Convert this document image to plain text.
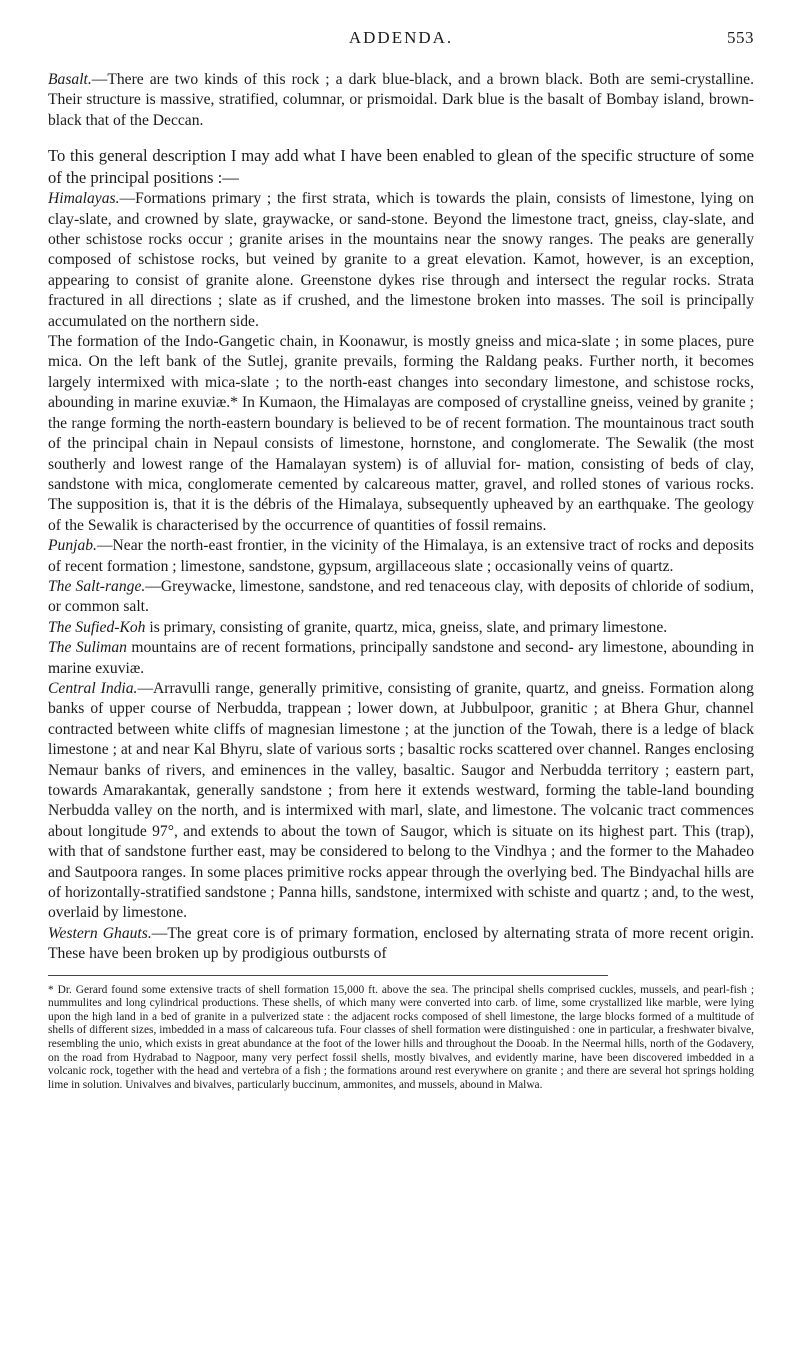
ADDENDA.	553

Basalt.—There are two kinds of this rock ; a dark blue-black, and a brown black. Both are semi-crystalline. Their structure is massive, stratified, columnar, or prismoidal. Dark blue is the basalt of Bombay island, brown-black that of the Deccan.

To this general description I may add what I have been enabled to glean of the specific structure of some of the principal positions :—

Himalayas.—Formations primary ; the first strata, which is towards the plain, consists of limestone, lying on clay-slate, and crowned by slate, graywacke, or sand-stone. Beyond the limestone tract, gneiss, clay-slate, and other schistose rocks occur ; granite arises in the mountains near the snowy ranges. The peaks are generally composed of schistose rocks, but veined by granite to a great elevation. Kamot, however, is an exception, appearing to consist of granite alone. Greenstone dykes rise through and intersect the regular rocks. Strata fractured in all directions ; slate as if crushed, and the limestone broken into masses. The soil is principally accumulated on the northern side.

The formation of the Indo-Gangetic chain, in Koonawur, is mostly gneiss and mica-slate ; in some places, pure mica. On the left bank of the Sutlej, granite prevails, forming the Raldang peaks. Further north, it becomes largely intermixed with mica-slate ; to the north-east changes into secondary limestone, and schistose rocks, abounding in marine exuviæ.* In Kumaon, the Himalayas are composed of crystalline gneiss, veined by granite ; the range forming the north-eastern boundary is believed to be of recent formation. The mountainous tract south of the principal chain in Nepaul consists of limestone, hornstone, and conglomerate. The Sewalik (the most southerly and lowest range of the Hamalayan system) is of alluvial for- mation, consisting of beds of clay, sandstone with mica, conglomerate cemented by calcareous matter, gravel, and rolled stones of various rocks. The supposition is, that it is the débris of the Himalaya, subsequently upheaved by an earthquake. The geology of the Sewalik is characterised by the occurrence of quantities of fossil remains.

Punjab.—Near the north-east frontier, in the vicinity of the Himalaya, is an extensive tract of rocks and deposits of recent formation ; limestone, sandstone, gypsum, argillaceous slate ; occasionally veins of quartz.

The Salt-range.—Greywacke, limestone, sandstone, and red tenaceous clay, with deposits of chloride of sodium, or common salt.

The Sufied-Koh is primary, consisting of granite, quartz, mica, gneiss, slate, and primary limestone.

The Suliman mountains are of recent formations, principally sandstone and second- ary limestone, abounding in marine exuviæ.

Central India.—Arravulli range, generally primitive, consisting of granite, quartz, and gneiss. Formation along banks of upper course of Nerbudda, trappean ; lower down, at Jubbulpoor, granitic ; at Bhera Ghur, channel contracted between white cliffs of magnesian limestone ; at the junction of the Towah, there is a ledge of black limestone ; at and near Kal Bhyru, slate of various sorts ; basaltic rocks scattered over channel. Ranges enclosing Nemaur banks of rivers, and eminences in the valley, basaltic. Saugor and Nerbudda territory ; eastern part, towards Amarakantak, generally sandstone ; from here it extends westward, forming the table-land bounding Nerbudda valley on the north, and is intermixed with marl, slate, and limestone. The volcanic tract commences about longitude 97°, and extends to about the town of Saugor, which is situate on its highest part. This (trap), with that of sandstone further east, may be considered to belong to the Vindhya ; and the former to the Mahadeo and Sautpoora ranges. In some places primitive rocks appear through the overlying bed. The Bindyachal hills are of horizontally-stratified sandstone ; Panna hills, sandstone, intermixed with schiste and quartz ; and, to the west, overlaid by limestone.

Western Ghauts.—The great core is of primary formation, enclosed by alternating strata of more recent origin. These have been broken up by prodigious outbursts of

* Dr. Gerard found some extensive tracts of shell formation 15,000 ft. above the sea. The principal shells comprised cuckles, mussels, and pearl-fish ; nummulites and long cylindrical productions. These shells, of which many were converted into carb. of lime, some crystallized like marble, were lying upon the high land in a bed of granite in a pulverized state : the adjacent rocks composed of shell limestone, the large blocks formed of a multitude of shells of different sizes, imbedded in a mass of calcareous tufa. Four classes of shell formation were distinguished : one in particular, a freshwater bivalve, resembling the unio, which exists in great abundance at the foot of the lower hills and throughout the Dooab. In the Neermal hills, north of the Godavery, on the road from Hydrabad to Nagpoor, many very perfect fossil shells, mostly bivalves, and evidently marine, have been discovered imbedded in a volcanic rock, together with the head and vertebra of a fish ; the formations around rest everywhere on granite ; and there are several hot springs holding lime in solution. Univalves and bivalves, particularly buccinum, ammonites, and mussels, abound in Malwa.
